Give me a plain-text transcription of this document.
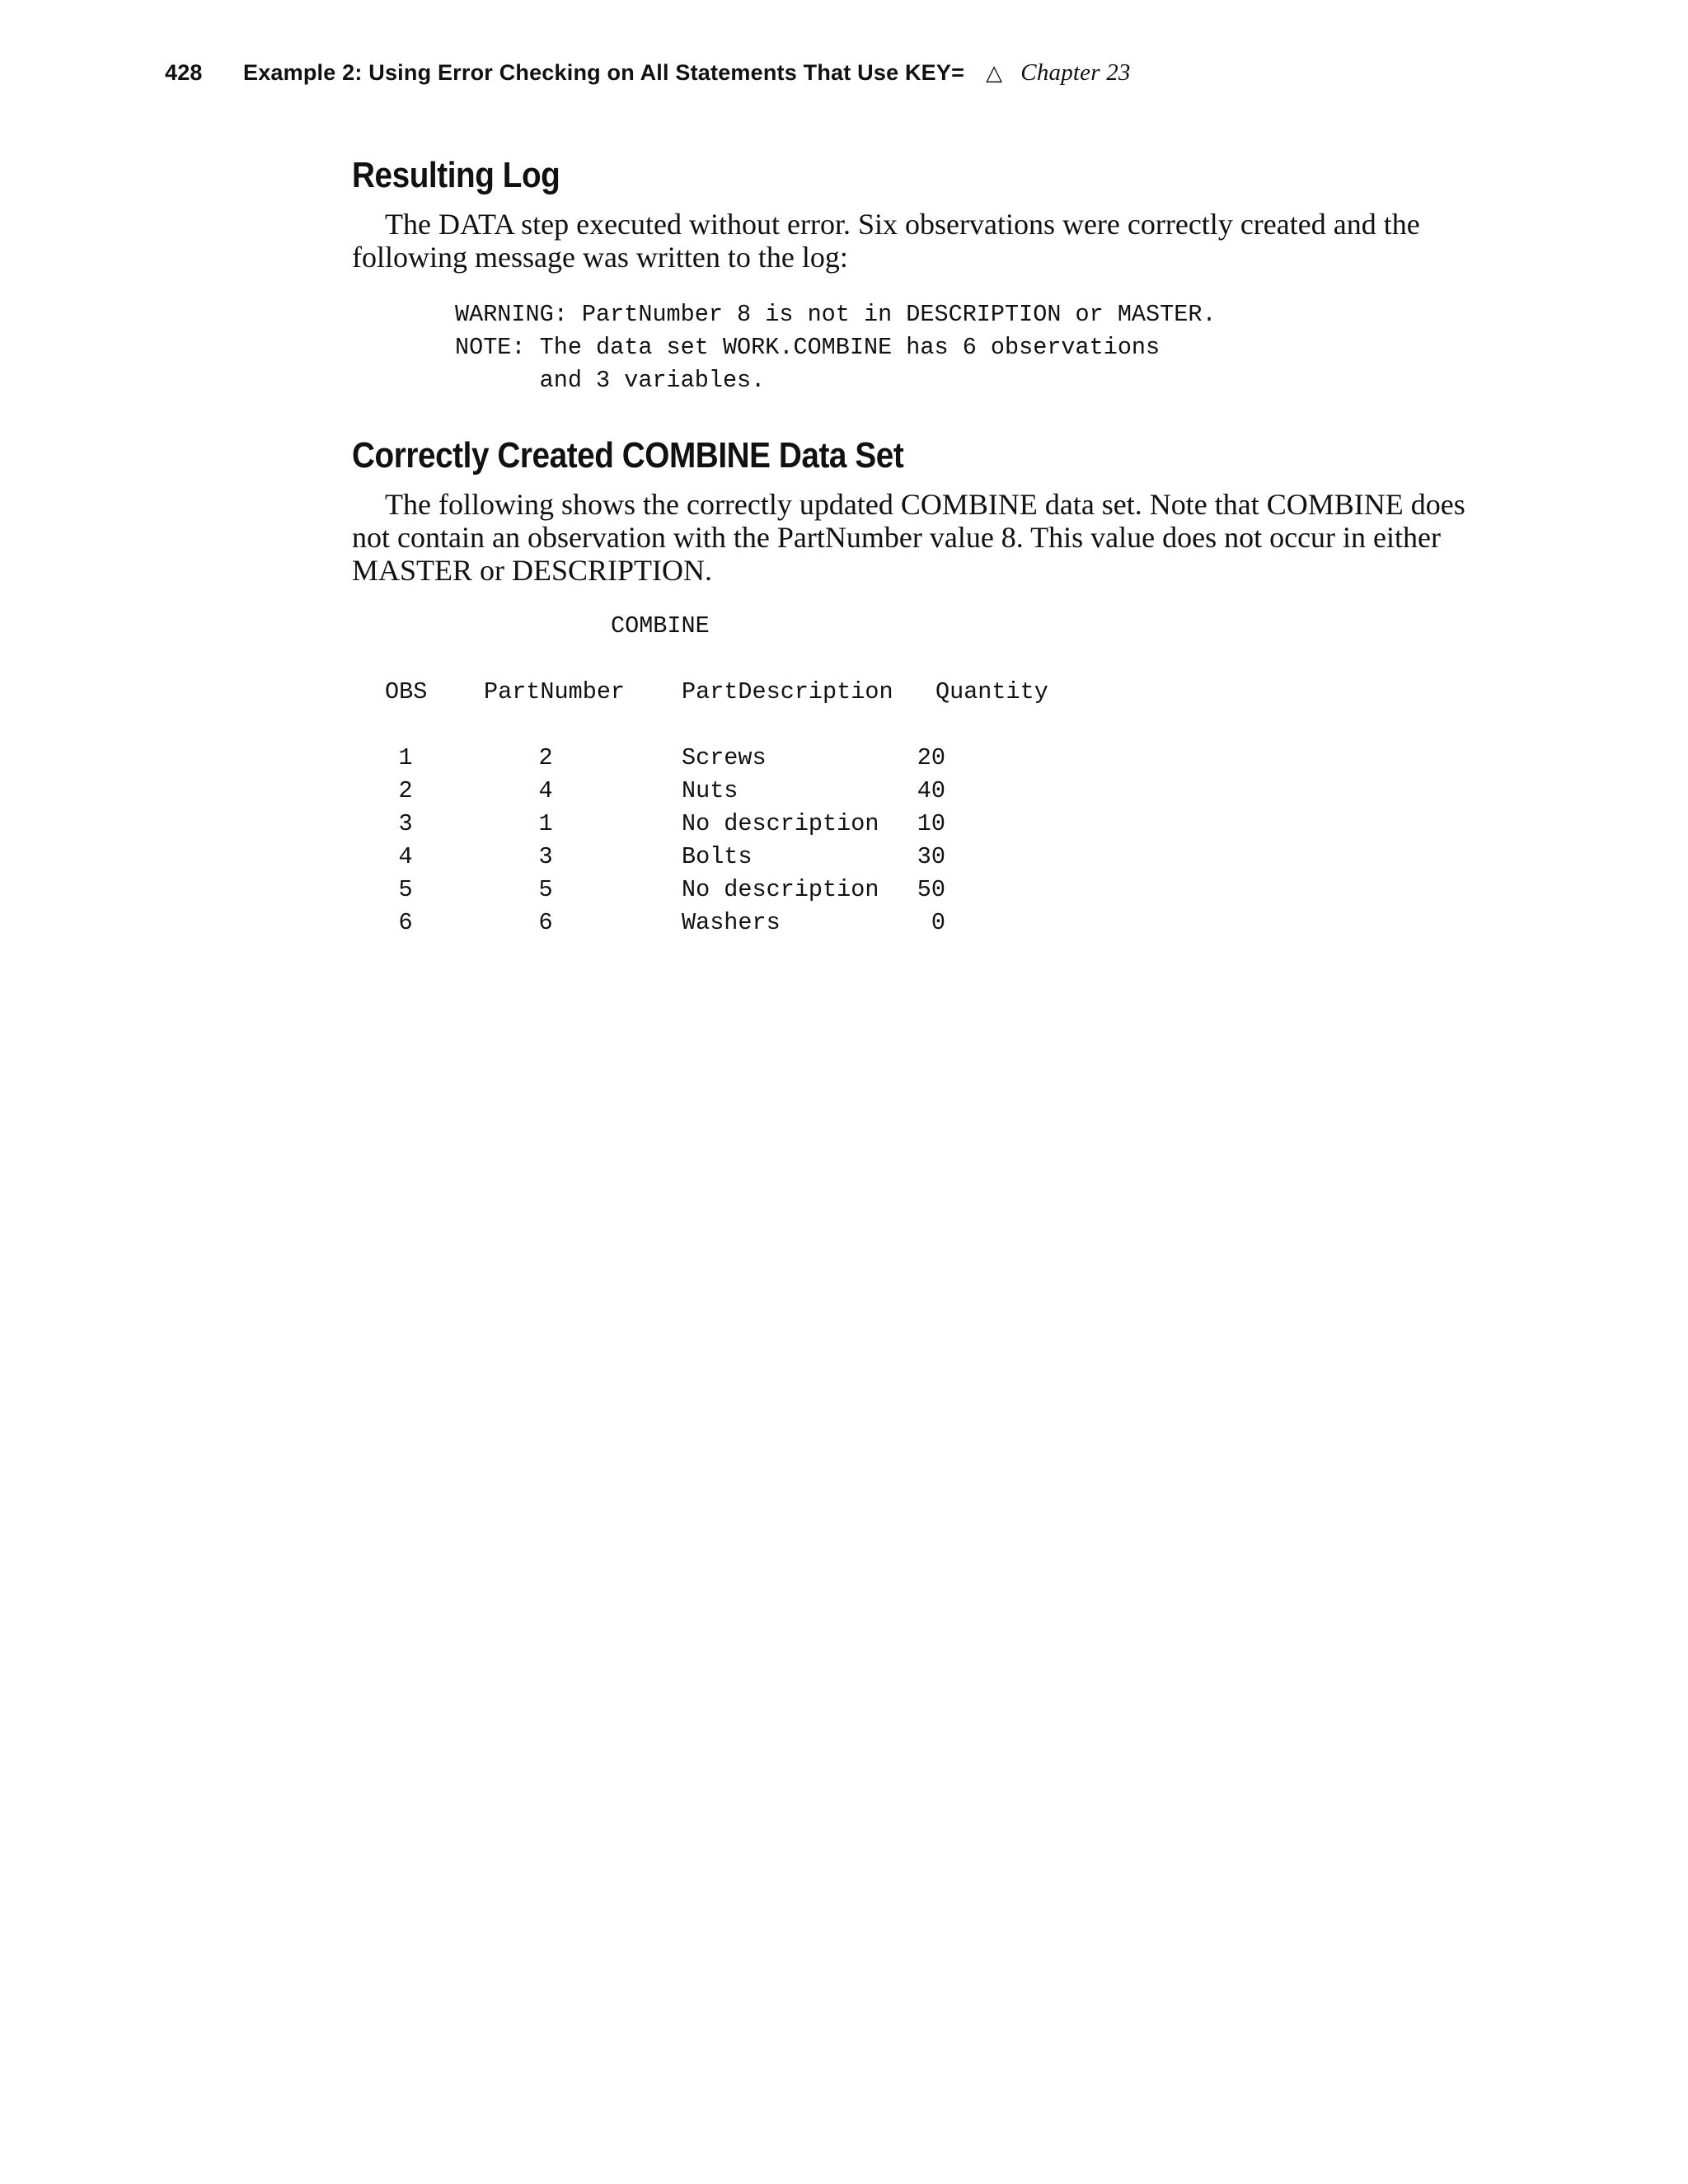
428	Example 2: Using Error Checking on All Statements That Use KEY= △ Chapter 23
Resulting Log

The DATA step executed without error. Six observations were correctly created and the following message was written to the log:

WARNING: PartNumber 8 is not in DESCRIPTION or MASTER.
NOTE: The data set WORK.COMBINE has 6 observations
and 3 variables.
Correctly Created COMBINE Data Set

The following shows the correctly updated COMBINE data set. Note that COMBINE does not contain an observation with the PartNumber value 8. This value does not occur in either MASTER or DESCRIPTION.

COMBINE
OBS PartNumber PartDescription Quantity
1	2	Screws	20
2	4	Nuts	40
3	1	No description	10
4	3	Bolts	30
5	5	No description	50
6	6	Washers	0
